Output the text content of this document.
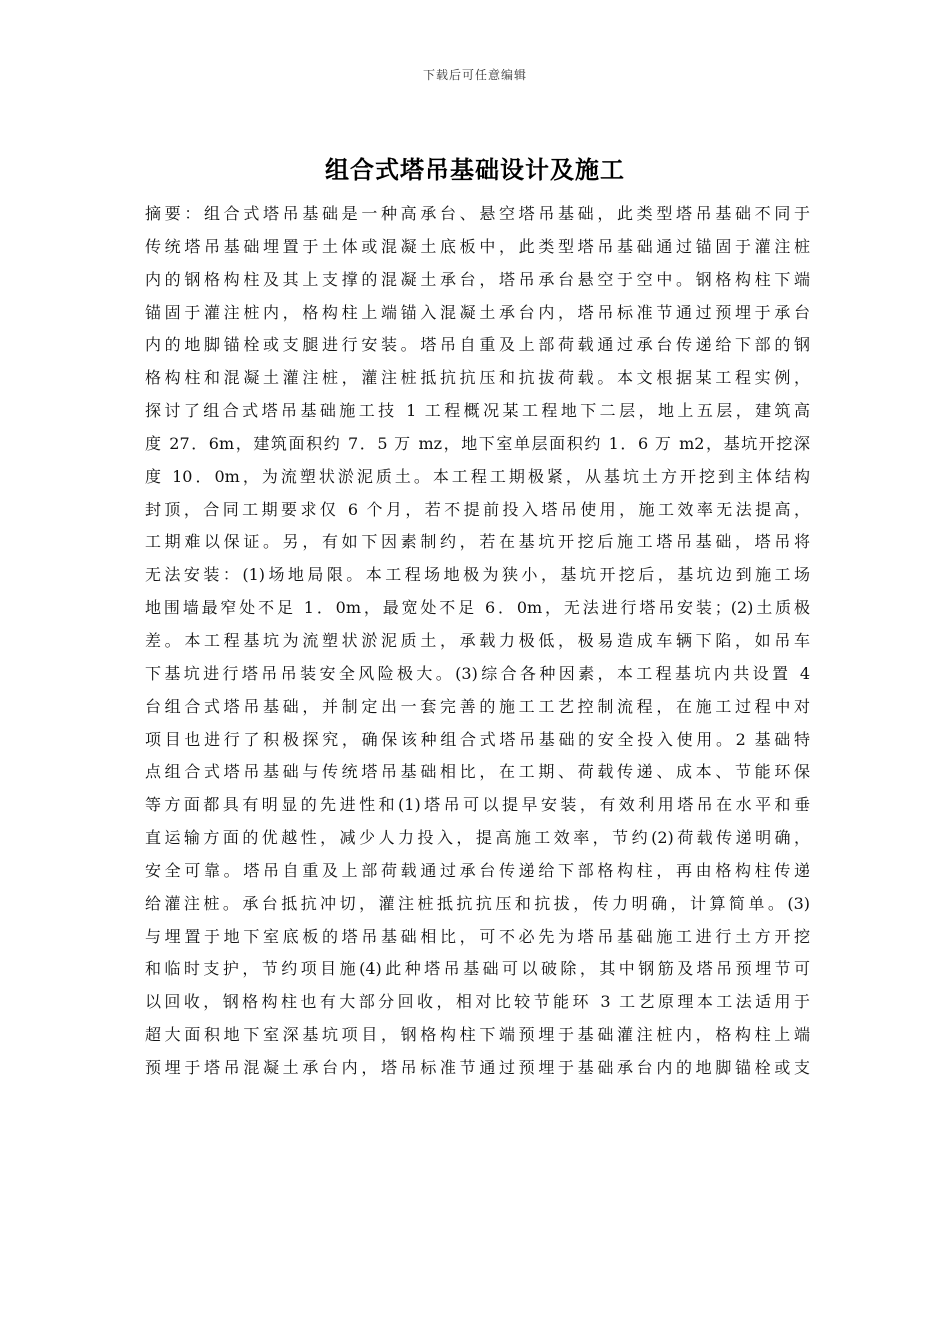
下载后可任意编辑
组合式塔吊基础设计及施工
摘要：组合式塔吊基础是一种高承台、悬空塔吊基础，此类型塔吊基础不同于
传统塔吊基础埋置于土体或混凝土底板中，此类型塔吊基础通过锚固于灌注桩
内的钢格构柱及其上支撑的混凝土承台，塔吊承台悬空于空中。钢格构柱下端
锚固于灌注桩内，格构柱上端锚入混凝土承台内，塔吊标准节通过预埋于承台
内的地脚锚栓或支腿进行安装。塔吊自重及上部荷载通过承台传递给下部的钢
格构柱和混凝土灌注桩，灌注桩抵抗抗压和抗拔荷载。本文根据某工程实例，
探讨了组合式塔吊基础施工技 1 工程概况某工程地下二层，地上五层，建筑高
度 27．6m，建筑面积约 7．5 万 mz，地下室单层面积约 1．6 万 m2，基坑开挖深
度 10．0m，为流塑状淤泥质土。本工程工期极紧，从基坑土方开挖到主体结构
封顶，合同工期要求仅 6 个月，若不提前投入塔吊使用，施工效率无法提高，
工期难以保证。另，有如下因素制约，若在基坑开挖后施工塔吊基础，塔吊将
无法安装：(1)场地局限。本工程场地极为狭小，基坑开挖后，基坑边到施工场
地围墙最窄处不足 1．0m，最宽处不足 6．0m，无法进行塔吊安装；(2)土质极
差。本工程基坑为流塑状淤泥质土，承载力极低，极易造成车辆下陷，如吊车
下基坑进行塔吊吊装安全风险极大。(3)综合各种因素，本工程基坑内共设置 4
台组合式塔吊基础，并制定出一套完善的施工工艺控制流程，在施工过程中对
项目也进行了积极探究，确保该种组合式塔吊基础的安全投入使用。2 基础特
点组合式塔吊基础与传统塔吊基础相比，在工期、荷载传递、成本、节能环保
等方面都具有明显的先进性和(1)塔吊可以提早安装，有效利用塔吊在水平和垂
直运输方面的优越性，减少人力投入，提高施工效率，节约(2)荷载传递明确，
安全可靠。塔吊自重及上部荷载通过承台传递给下部格构柱，再由格构柱传递
给灌注桩。承台抵抗冲切，灌注桩抵抗抗压和抗拔，传力明确，计算简单。(3)
与埋置于地下室底板的塔吊基础相比，可不必先为塔吊基础施工进行土方开挖
和临时支护，节约项目施(4)此种塔吊基础可以破除，其中钢筋及塔吊预埋节可
以回收，钢格构柱也有大部分回收，相对比较节能环 3 工艺原理本工法适用于
超大面积地下室深基坑项目，钢格构柱下端预埋于基础灌注桩内，格构柱上端
预埋于塔吊混凝土承台内，塔吊标准节通过预埋于基础承台内的地脚锚栓或支
